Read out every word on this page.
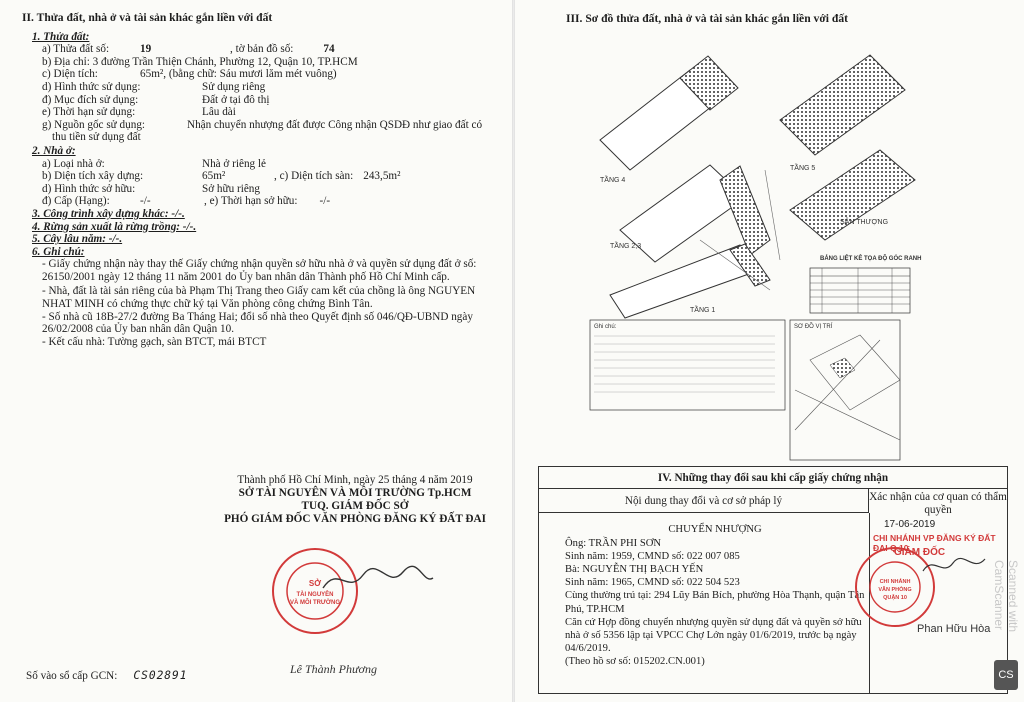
II. Thửa đất, nhà ở và tài sản khác gắn liền với đất
1. Thửa đất:
a) Thửa đất số:	19	, tờ bản đồ số:	74
b) Địa chỉ: 3 đường Trần Thiện Chánh, Phường 12, Quận 10, TP.HCM
c) Diện tích:	65m², (bằng chữ: Sáu mươi lăm mét vuông)
d) Hình thức sử dụng:	Sử dụng riêng
đ) Mục đích sử dụng:	Đất ở tại đô thị
e) Thời hạn sử dụng:	Lâu dài
g) Nguồn gốc sử dụng:	Nhận chuyển nhượng đất được Công nhận QSDĐ như giao đất có
thu tiền sử dụng đất
2. Nhà ở:
a) Loại nhà ở:	Nhà ở riêng lẻ
b) Diện tích xây dựng:	65m²	, c) Diện tích sàn: 243,5m²
d) Hình thức sở hữu:	Sở hữu riêng
đ) Cấp (Hạng):	-/-	, e) Thời hạn sở hữu: -/-
3. Công trình xây dựng khác: -/-.
4. Rừng sản xuất là rừng trồng: -/-.
5. Cây lâu năm: -/-.
6. Ghi chú:
- Giấy chứng nhận này thay thế Giấy chứng nhận quyền sở hữu nhà ở và quyền sử dụng đất ở số: 26150/2001 ngày 12 tháng 11 năm 2001 do Ủy ban nhân dân Thành phố Hồ Chí Minh cấp.
- Nhà, đất là tài sản riêng của bà Phạm Thị Trang theo Giấy cam kết của chồng là ông NGUYEN NHAT MINH có chứng thực chữ ký tại Văn phòng công chứng Bình Tân.
- Số nhà cũ 18B-27/2 đường Ba Tháng Hai; đổi số nhà theo Quyết định số 046/QĐ-UBND ngày 26/02/2008 của Ủy ban nhân dân Quận 10.
- Kết cấu nhà: Tường gạch, sàn BTCT, mái BTCT
Thành phố Hồ Chí Minh, ngày 25 tháng 4 năm 2019
SỞ TÀI NGUYÊN VÀ MÔI TRƯỜNG Tp.HCM
TUQ. GIÁM ĐỐC SỞ
PHÓ GIÁM ĐỐC VĂN PHÒNG ĐĂNG KÝ ĐẤT ĐAI
SỞ
TÀI NGUYÊN
VÀ MÔI TRƯỜNG
Lê Thành Phương
Số vào sổ cấp GCN: CS02891
III. Sơ đồ thửa đất, nhà ở và tài sản khác gắn liền với đất
TẦNG 4
TẦNG 5
TẦNG 2,3
SÂN THƯỢNG
TẦNG 1
BẢNG LIỆT KÊ TỌA ĐỘ GÓC RANH
Ghi chú:	SƠ ĐỒ VỊ TRÍ
IV. Những thay đổi sau khi cấp giấy chứng nhận
Nội dung thay đổi và cơ sở pháp lý	Xác nhận của cơ quan có thẩm quyền
CHUYỂN NHƯỢNG
Ông: TRẦN PHI SƠN
Sinh năm: 1959, CMND số: 022 007 085
Bà: NGUYỄN THỊ BẠCH YẾN
Sinh năm: 1965, CMND số: 022 504 523
Cùng thường trú tại: 294 Lũy Bán Bích, phường Hòa Thạnh, quận Tân Phú, TP.HCM
Căn cứ Hợp đồng chuyển nhượng quyền sử dụng đất và quyền sở hữu nhà ở số 5356 lập tại VPCC Chợ Lớn ngày 01/6/2019, trước bạ ngày 04/6/2019.
(Theo hồ sơ số: 015202.CN.001)
17-06-2019
CHI NHÁNH VP ĐĂNG KÝ ĐẤT ĐAI Q.10
GIÁM ĐỐC
CHI NHÁNH
VĂN PHÒNG
QUẬN 10
Phan Hữu Hòa	Scanned with CamScanner
CS
